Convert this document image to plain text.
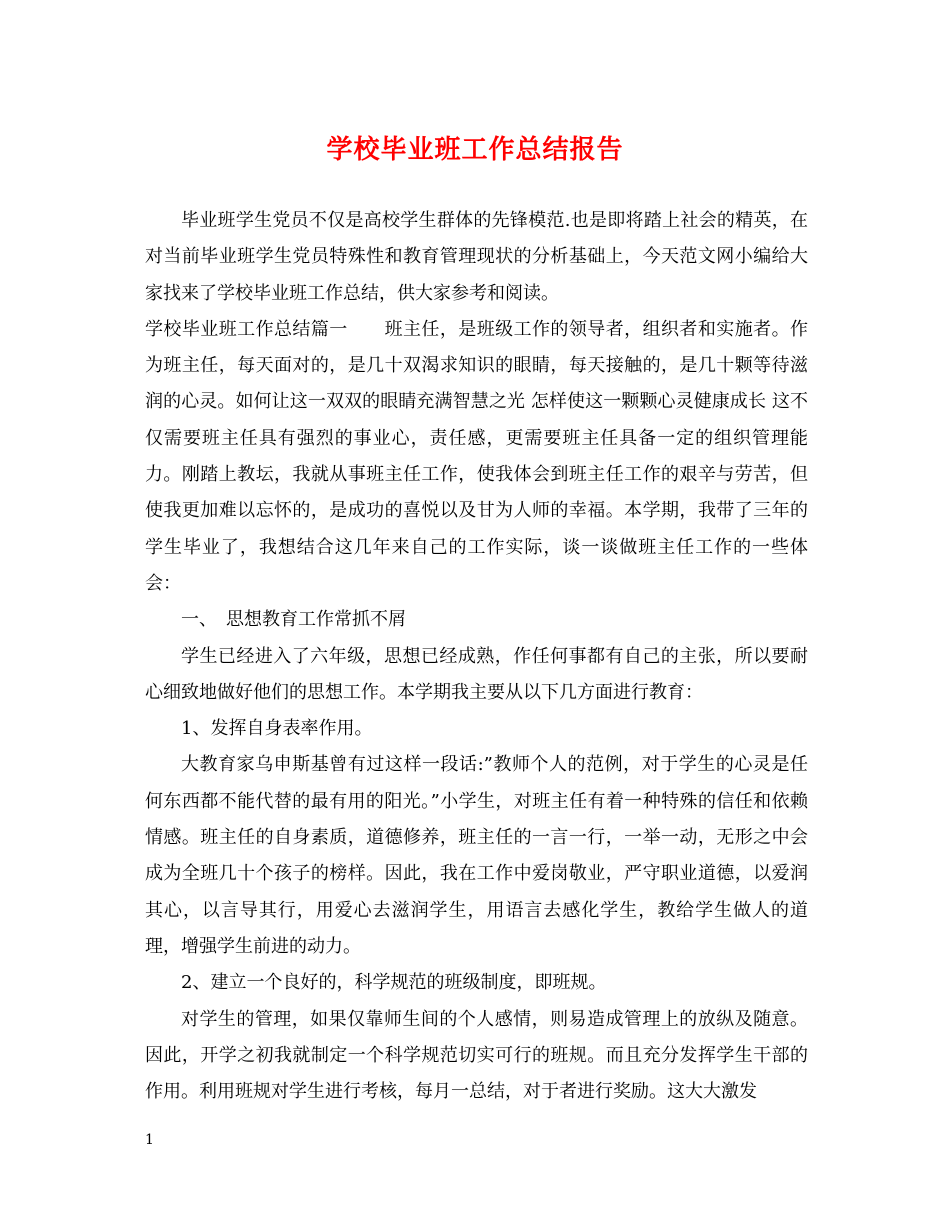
学校毕业班工作总结报告

毕业班学生党员不仅是高校学生群体的先锋模范.也是即将踏上社会的精英，在对当前毕业班学生党员特殊性和教育管理现状的分析基础上，今天范文网小编给大家找来了学校毕业班工作总结，供大家参考和阅读。

学校毕业班工作总结篇一　　班主任，是班级工作的领导者，组织者和实施者。作为班主任，每天面对的，是几十双渴求知识的眼睛，每天接触的，是几十颗等待滋润的心灵。如何让这一双双的眼睛充满智慧之光 怎样使这一颗颗心灵健康成长 这不仅需要班主任具有强烈的事业心，责任感，更需要班主任具备一定的组织管理能力。刚踏上教坛，我就从事班主任工作，使我体会到班主任工作的艰辛与劳苦，但使我更加难以忘怀的，是成功的喜悦以及甘为人师的幸福。本学期，我带了三年的学生毕业了，我想结合这几年来自己的工作实际，谈一谈做班主任工作的一些体会：

一、　思想教育工作常抓不屑

学生已经进入了六年级，思想已经成熟，作任何事都有自己的主张，所以要耐心细致地做好他们的思想工作。本学期我主要从以下几方面进行教育：

1、发挥自身表率作用。

大教育家乌申斯基曾有过这样一段话:”教师个人的范例，对于学生的心灵是任何东西都不能代替的最有用的阳光。”小学生，对班主任有着一种特殊的信任和依赖情感。班主任的自身素质，道德修养，班主任的一言一行，一举一动，无形之中会成为全班几十个孩子的榜样。因此，我在工作中爱岗敬业，严守职业道德，以爱润其心，以言导其行，用爱心去滋润学生，用语言去感化学生，教给学生做人的道理，增强学生前进的动力。

2、建立一个良好的，科学规范的班级制度，即班规。

对学生的管理，如果仅靠师生间的个人感情，则易造成管理上的放纵及随意。因此，开学之初我就制定一个科学规范切实可行的班规。而且充分发挥学生干部的作用。利用班规对学生进行考核，每月一总结，对于者进行奖励。这大大激发

1
